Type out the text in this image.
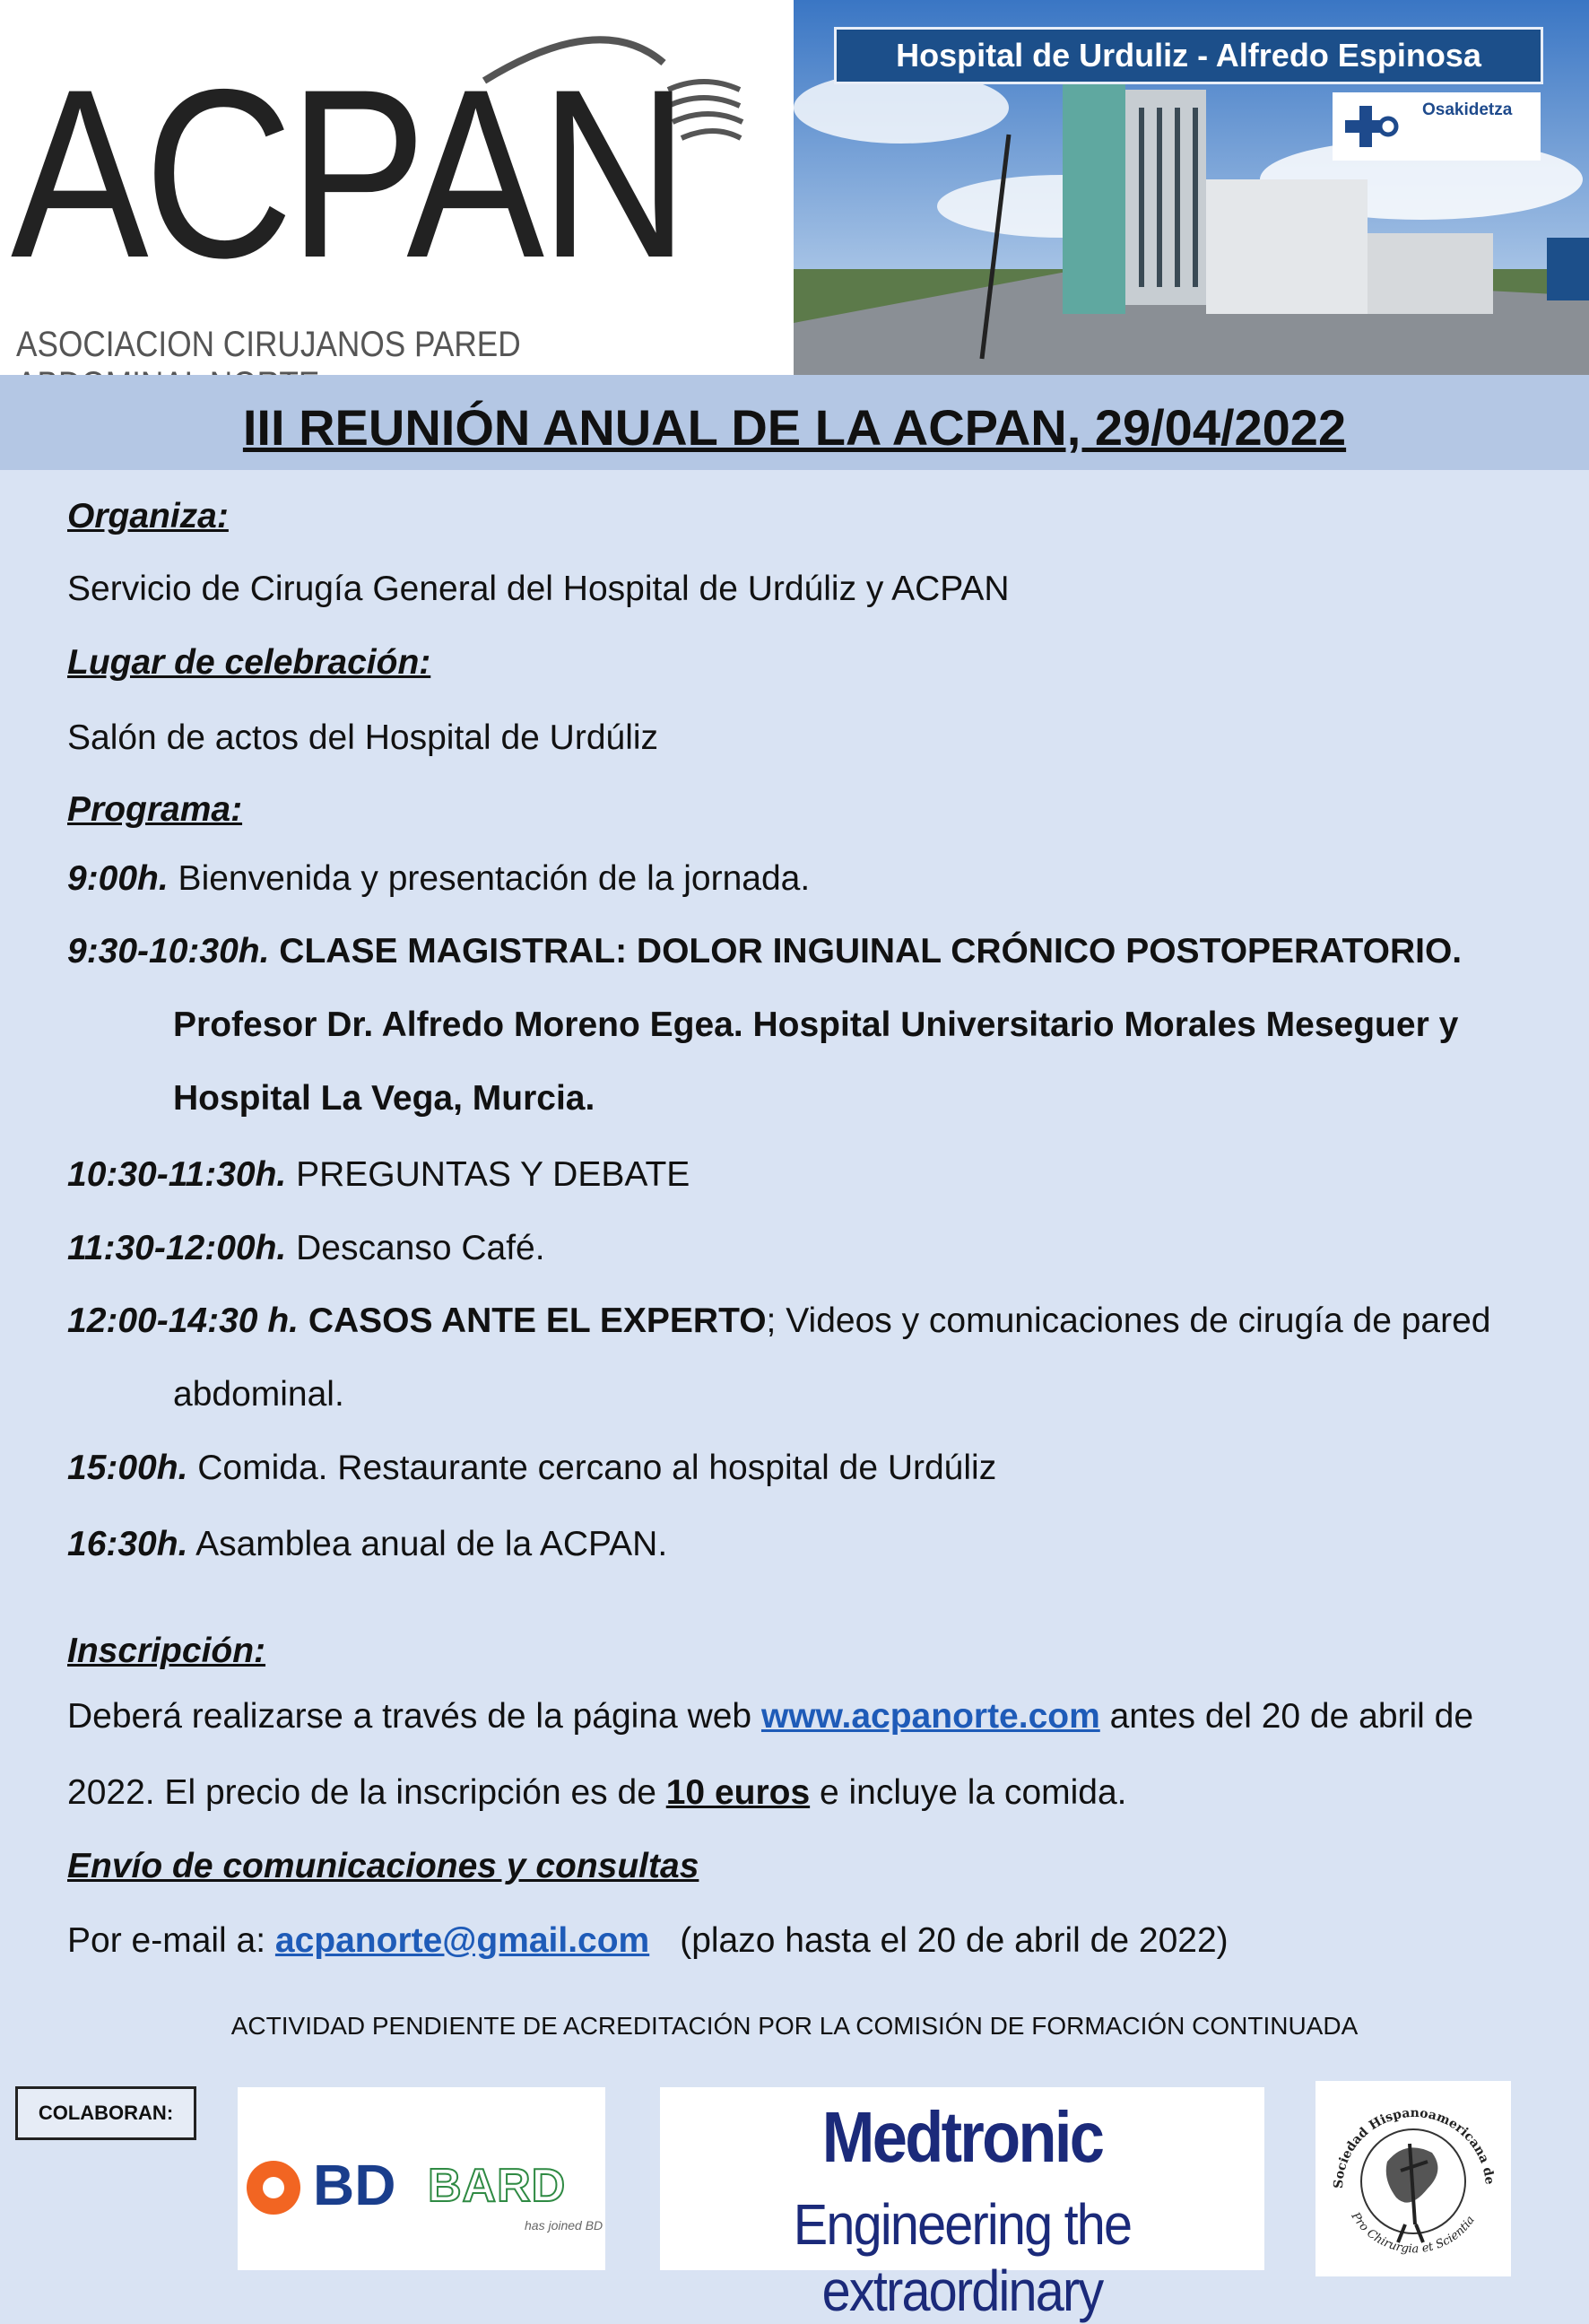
ACPAN
ASOCIACION CIRUJANOS PARED
Hospital de Urduliz - Alfredo Espinosa
Osakidetza
III REUNIÓN ANUAL DE LA ACPAN, 29/04/2022
Organiza:
Servicio de Cirugía General del Hospital de Urdúliz y ACPAN
Lugar de celebración:
Salón de actos del Hospital de Urdúliz
Programa:
9:00h. Bienvenida y presentación de la jornada.
9:30-10:30h. CLASE MAGISTRAL: DOLOR INGUINAL CRÓNICO POSTOPERATORIO.
Profesor Dr. Alfredo Moreno Egea. Hospital Universitario Morales Meseguer y
Hospital La Vega, Murcia.
10:30-11:30h. PREGUNTAS Y DEBATE
11:30-12:00h. Descanso Café.
12:00-14:30 h. CASOS ANTE EL EXPERTO; Videos y comunicaciones de cirugía de pared
abdominal.
15:00h. Comida. Restaurante cercano al hospital de Urdúliz
16:30h. Asamblea anual de la ACPAN.
Inscripción:
Deberá realizarse a través de la página web www.acpanorte.com antes del 20 de abril de
2022. El precio de la inscripción es de 10 euros e incluye la comida.
Envío de comunicaciones y consultas
Por e-mail a: acpanorte@gmail.com (plazo hasta el 20 de abril de 2022)
ACTIVIDAD PENDIENTE DE ACREDITACIÓN POR LA COMISIÓN DE FORMACIÓN CONTINUADA
COLABORAN:
BD BARD
has joined BD
Medtronic
Engineering the extraordinary
Sociedad Hispanoamericana de
Pro Chirurgia et Scientia
